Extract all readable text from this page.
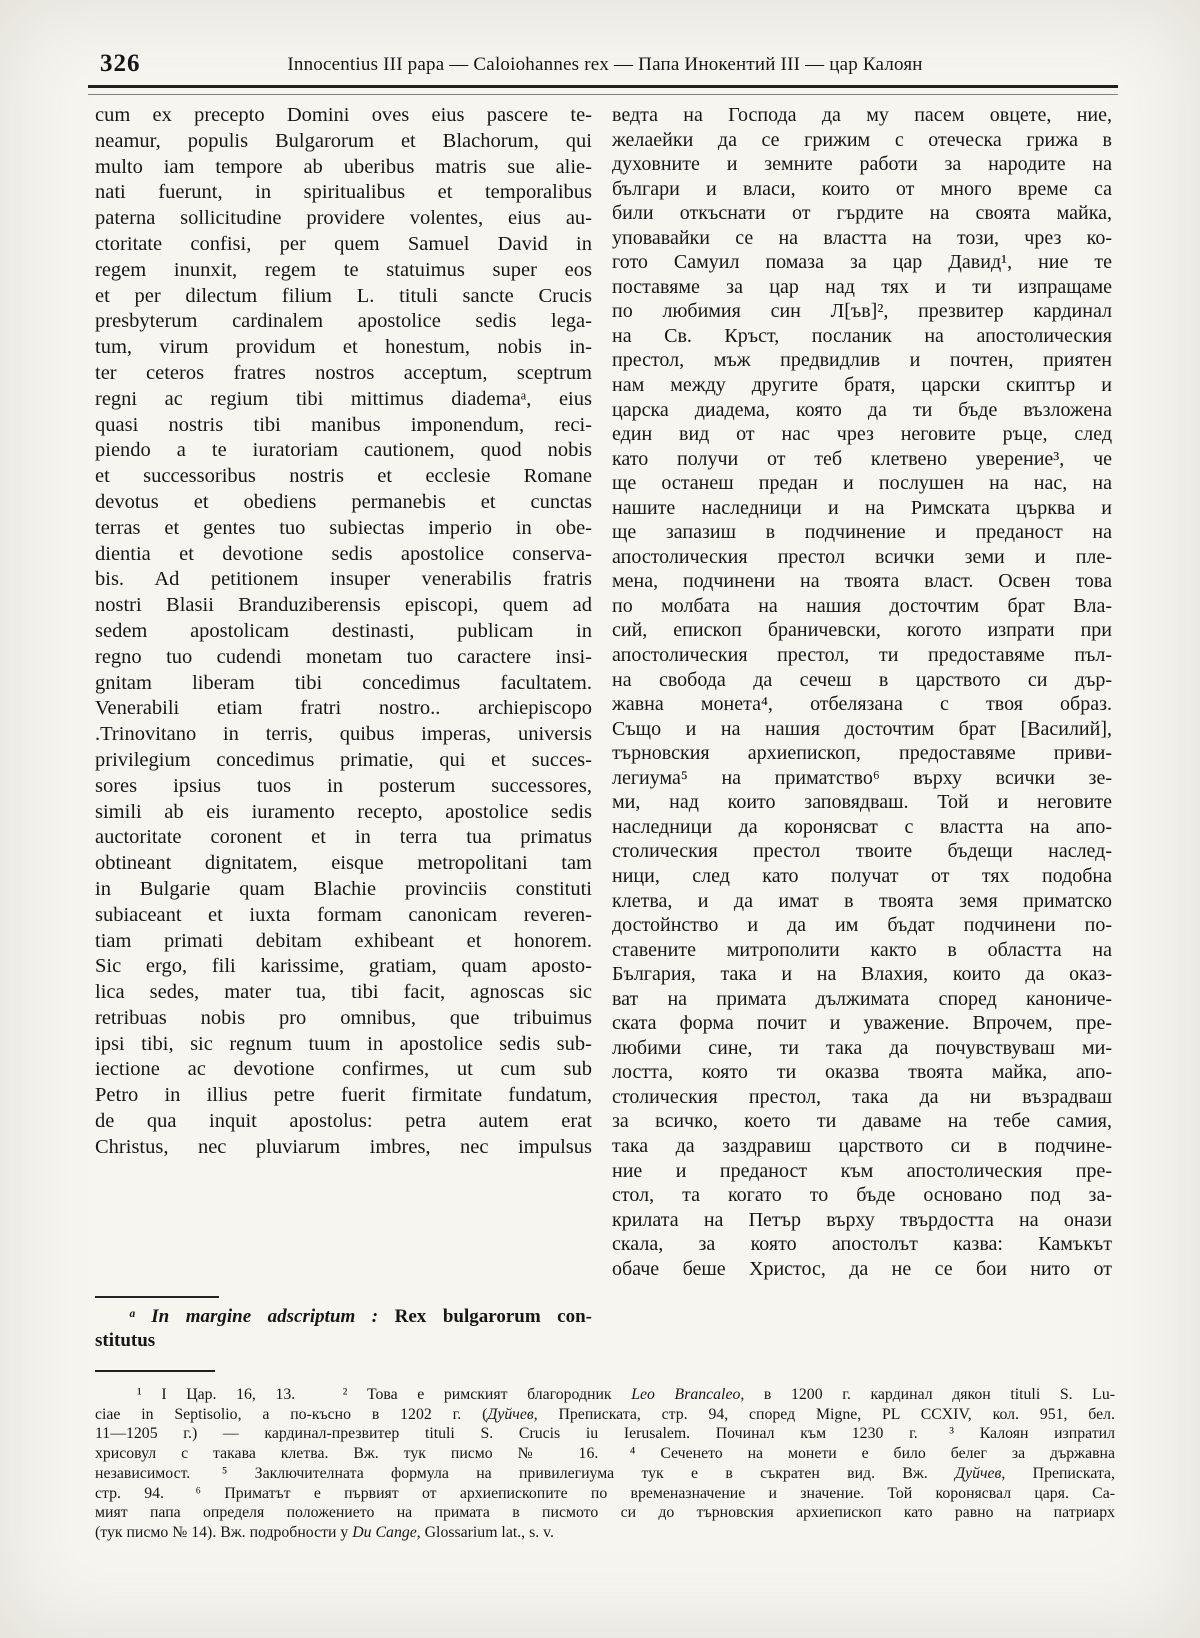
326	Innocentius III papa — Caloiohannes rex — Папа Инокентий III — цар Калоян
cum ex precepto Domini oves eius pascere te-
neamur, populis Bulgarorum et Blachorum, qui
multo iam tempore ab uberibus matris sue alie-
nati fuerunt, in spiritualibus et temporalibus
paterna sollicitudine providere volentes, eius au-
ctoritate confisi, per quem Samuel David in
regem inunxit, regem te statuimus super eos
et per dilectum filium L. tituli sancte Crucis
presbyterum cardinalem apostolice sedis lega-
tum, virum providum et honestum, nobis in-
ter ceteros fratres nostros acceptum, sceptrum
regni ac regium tibi mittimus diademaᵃ, eius
quasi nostris tibi manibus imponendum, reci-
piendo a te iuratoriam cautionem, quod nobis
et successoribus nostris et ecclesie Romane
devotus et obediens permanebis et cunctas
terras et gentes tuo subiectas imperio in obe-
dientia et devotione sedis apostolice conserva-
bis. Ad petitionem insuper venerabilis fratris
nostri Blasii Branduziberensis episcopi, quem ad
sedem apostolicam destinasti, publicam in
regno tuo cudendi monetam tuo caractere insi-
gnitam liberam tibi concedimus facultatem.
Venerabili etiam fratri nostro.. archiepiscopo
.Trinovitano in terris, quibus imperas, universis
privilegium concedimus primatie, qui et succes-
sores ipsius tuos in posterum successores,
simili ab eis iuramento recepto, apostolice sedis
auctoritate coronent et in terra tua primatus
obtineant dignitatem, eisque metropolitani tam
in Bulgarie quam Blachie provinciis constituti
subiaceant et iuxta formam canonicam reveren-
tiam primati debitam exhibeant et honorem.
Sic ergo, fili karissime, gratiam, quam aposto-
lica sedes, mater tua, tibi facit, agnoscas sic
retribuas nobis pro omnibus, que tribuimus
ipsi tibi, sic regnum tuum in apostolice sedis sub-
iectione ac devotione confirmes, ut cum sub
Petro in illius petre fuerit firmitate fundatum,
de qua inquit apostolus: petra autem erat
Christus, nec pluviarum imbres, nec impulsus
ведта на Господа да му пасем овцете, ние,
желаейки да се грижим с отеческа грижа в
духовните и земните работи за народите на
българи и власи, които от много време са
били откъснати от гърдите на своята майка,
уповавайки се на властта на този, чрез ко-
гото Самуил помаза за цар Давид¹, ние те
поставяме за цар над тях и ти изпращаме
по любимия син Л[ъв]², презвитер кардинал
на Св. Кръст, посланик на апостолическия
престол, мъж предвидлив и почтен, приятен
нам между другите братя, царски скиптър и
царска диадема, която да ти бъде възложена
един вид от нас чрез неговите ръце, след
като получи от теб клетвено уверение³, че
ще останеш предан и послушен на нас, на
нашите наследници и на Римската църква и
ще запазиш в подчинение и преданост на
апостолическия престол всички земи и пле-
мена, подчинени на твоята власт. Освен това
по молбата на нашия досточтим брат Вла-
сий, епископ браничевски, когото изпрати при
апостолическия престол, ти предоставяме пъл-
на свобода да сечеш в царството си дър-
жавна монета⁴, отбелязана с твоя образ.
Също и на нашия досточтим брат [Василий],
търновския архиепископ, предоставяме приви-
легиума⁵ на приматство⁶ върху всички зе-
ми, над които заповядваш. Той и неговите
наследници да коронясват с властта на апо-
столическия престол твоите бъдещи наслед-
ници, след като получат от тях подобна
клетва, и да имат в твоята земя приматско
достойнство и да им бъдат подчинени по-
ставените митрополити както в областта на
България, така и на Влахия, които да оказ-
ват на примата дължимата според канониче-
ската форма почит и уважение. Впрочем, пре-
любими сине, ти така да почувствуваш ми-
лостта, която ти оказва твоята майка, апо-
столическия престол, така да ни възрадваш
за всичко, което ти даваме на тебе самия,
така да заздравиш царството си в подчине-
ние и преданост към апостолическия пре-
стол, та когато то бъде основано под за-
крилата на Петър върху твърдостта на онази
скала, за която апостолът казва: Камъкът
обаче беше Христос, да не се бои нито от
ᵃ In margine adscriptum : Rex bulgarorum con-
stitutus
¹ I Цар. 16, 13.   ² Това е римският благородник Leo Brancaleo, в 1200 г. кардинал дякон tituli S. Lu-
ciae in Septisolio, а по-късно в 1202 г. (Дуйчев, Преписката, стр. 94, според Migne, PL CCXIV, кол. 951, бел.
11—1205 г.) — кардинал-презвитер tituli S. Crucis iu Ierusalem. Починал към 1230 г.  ³ Калоян изпратил
хрисовул с такава клетва. Вж. тук писмо № 16.  ⁴ Сеченето на монети е било белег за държавна
независимост.  ⁵ Заключителната формула на привилегиума тук е в съкратен вид. Вж. Дуйчев, Преписката,
стр. 94.  ⁶ Приматът е първият от архиепископите по временазначение и значение. Той коронясвал царя. Са-
мият папа определя положението на примата в писмото си до търновския архиепископ като равно на патриарх
(тук писмо № 14). Вж. подробности у Du Cange, Glossarium lat., s. v.
